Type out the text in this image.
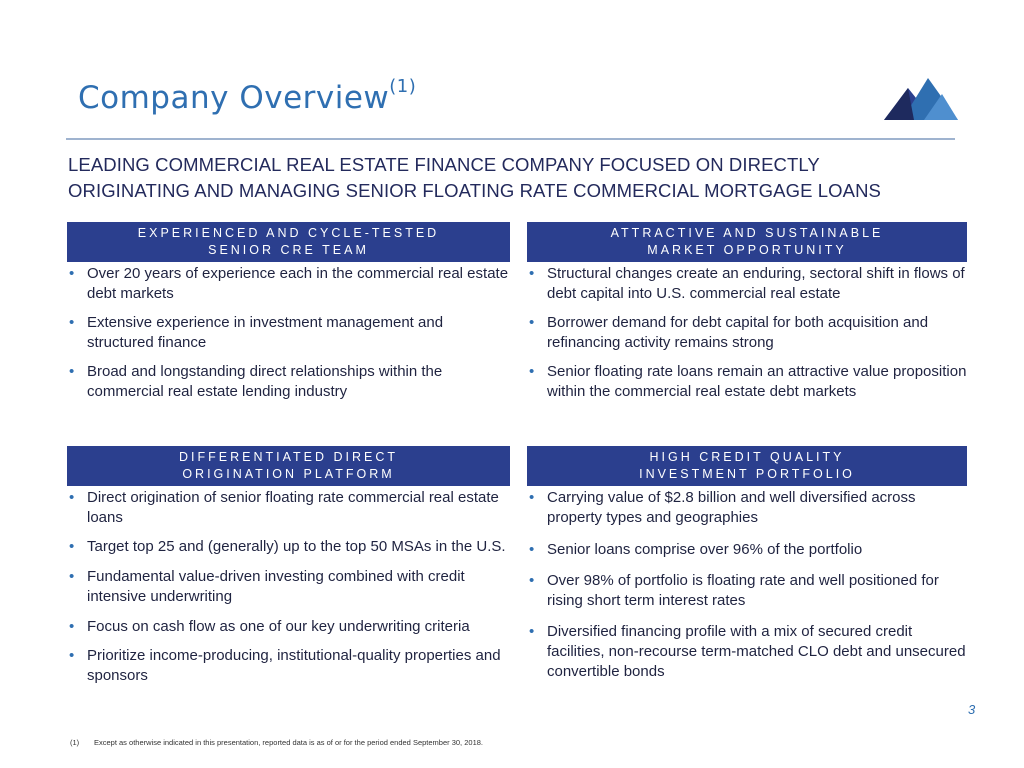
Company Overview$^{(1)}$
LEADING COMMERCIAL REAL ESTATE FINANCE COMPANY FOCUSED ON DIRECTLY
ORIGINATING AND MANAGING SENIOR FLOATING RATE COMMERCIAL MORTGAGE LOANS
EXPERIENCED AND CYCLE-TESTED
SENIOR CRE TEAM
• Over 20 years of experience each in the commercial real estate debt markets
• Extensive experience in investment management and structured finance
• Broad and longstanding direct relationships within the commercial real estate lending industry
ATTRACTIVE AND SUSTAINABLE
MARKET OPPORTUNITY
• Structural changes create an enduring, sectoral shift in flows of debt capital into U.S. commercial real estate
• Borrower demand for debt capital for both acquisition and refinancing activity remains strong
• Senior floating rate loans remain an attractive value proposition within the commercial real estate debt markets
DIFFERENTIATED DIRECT
ORIGINATION PLATFORM
• Direct origination of senior floating rate commercial real estate loans
• Target top 25 and (generally) up to the top 50 MSAs in the U.S.
• Fundamental value-driven investing combined with credit intensive underwriting
• Focus on cash flow as one of our key underwriting criteria
• Prioritize income-producing, institutional-quality properties and sponsors
HIGH CREDIT QUALITY
INVESTMENT PORTFOLIO
• Carrying value of $2.8 billion and well diversified across property types and geographies
• Senior loans comprise over 96% of the portfolio
• Over 98% of portfolio is floating rate and well positioned for rising short term interest rates
• Diversified financing profile with a mix of secured credit facilities, non-recourse term-matched CLO debt and unsecured convertible bonds
3
(1) Except as otherwise indicated in this presentation, reported data is as of or for the period ended September 30, 2018.
